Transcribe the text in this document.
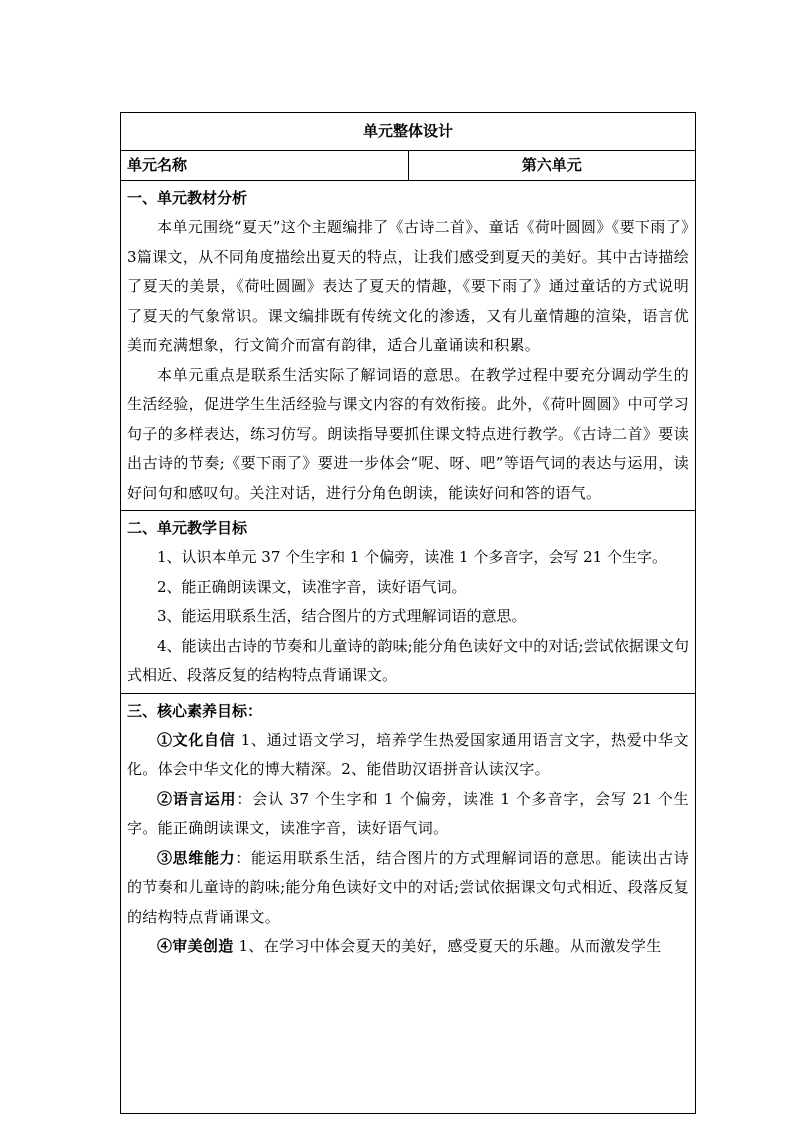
单元整体设计
单元名称	第六单元

一、单元教材分析

本单元围绕“夏天”这个主题编排了《古诗二首》、童话《荷叶圆圆》《要下雨了》3篇课文，从不同角度描绘出夏天的特点，让我们感受到夏天的美好。其中古诗描绘了夏天的美景，《荷吐圆圖》表达了夏天的情趣，《要下雨了》通过童话的方式说明了夏天的气象常识。课文编排既有传统文化的渗透，又有儿童情趣的渲染，语言优美而充满想象，行文简介而富有韵律，适合儿童诵读和积累。

本单元重点是联系生活实际了解词语的意思。在教学过程中要充分调动学生的生活经验，促进学生生活经验与课文内容的有效衔接。此外，《荷叶圆圆》中可学习句子的多样表达，练习仿写。朗读指导要抓住课文特点进行教学。《古诗二首》要读出古诗的节奏;《要下雨了》要进一步体会“呢、呀、吧”等语气词的表达与运用，读好问句和感叹句。关注对话，进行分角色朗读，能读好问和答的语气。

二、单元教学目标

1、认识本单元 37 个生字和 1 个偏旁，读准 1 个多音字，会写 21 个生字。

2、能正确朗读课文，读准字音，读好语气词。

3、能运用联系生活，结合图片的方式理解词语的意思。

4、能读出古诗的节奏和儿童诗的韵味;能分角色读好文中的对话;尝试依据课文句式相近、段落反复的结构特点背诵课文。

三、核心素养目标：

①文化自信 1、通过语文学习，培养学生热爱国家通用语言文字，热爱中华文化。体会中华文化的博大精深。2、能借助汉语拼音认读汉字。

②语言运用：会认 37 个生字和 1 个偏旁，读准 1 个多音字，会写 21 个生字。能正确朗读课文，读准字音，读好语气词。

③思维能力：能运用联系生活，结合图片的方式理解词语的意思。能读出古诗的节奏和儿童诗的韵味;能分角色读好文中的对话;尝试依据课文句式相近、段落反复的结构特点背诵课文。

④审美创造 1、在学习中体会夏天的美好，感受夏天的乐趣。从而激发学生
